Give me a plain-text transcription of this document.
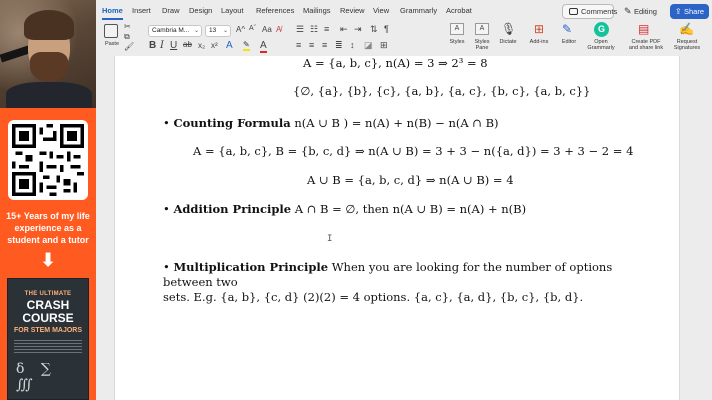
15+ Years of my life experience as a student and a tutor
⬇
THE ULTIMATE
CRASH COURSE
FOR STEM MAJORS
δ ∑ ∭
Home Insert Draw Design Layout References Mailings Review View Grammarly Acrobat	Comments ✎ Editing	⇪ Share
Paste
✂
⧉
🖌
Cambria M... ⌄	13 ⌄ A^ Aˇ Aa A̸
B I U ab x₂ x² A ✎ A
☰ ☷ ≡ ⇤ ⇥ ⇅ ¶
≡ ≡ ≡ ≣ ↕ ◪ ⊞
A
Styles
A
Styles
Pane
🎙
Dictate
⊞
Add-ins
✎
Editor
G
Open
Grammarly
▤
Create PDF
and share link
✍
Request
Signatures
A = {a, b, c}, n(A) = 3 ⇒ 2³ = 8
{∅, {a}, {b}, {c}, {a, b}, {a, c}, {b, c}, {a, b, c}}
• Counting Formula n(A ∪ B ) = n(A) + n(B) − n(A ∩ B)
A = {a, b, c}, B = {b, c, d} ⇒ n(A ∪ B) = 3 + 3 − n({a, d}) = 3 + 3 − 2 = 4
A ∪ B = {a, b, c, d} ⇒ n(A ∪ B) = 4
• Addition Principle A ∩ B = ∅, then n(A ∪ B) = n(A) + n(B)
I
• Multiplication Principle When you are looking for the number of options between two
sets. E.g. {a, b}, {c, d} (2)(2) = 4 options. {a, c}, {a, d}, {b, c}, {b, d}.
